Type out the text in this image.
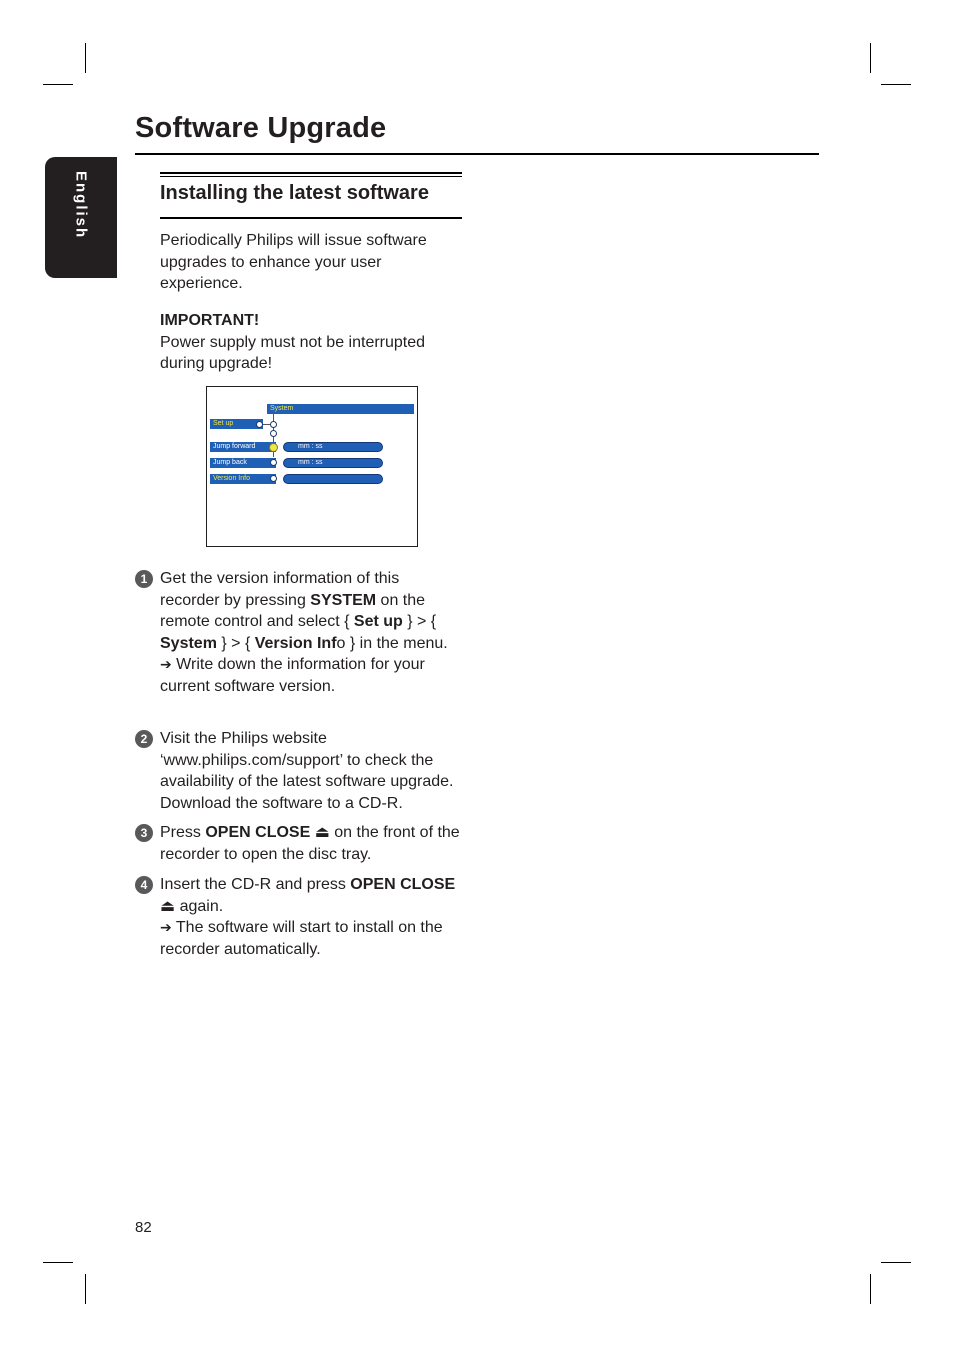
Software Upgrade
English	Installing the latest software

Periodically Philips will issue software upgrades to enhance your user experience.

IMPORTANT!
Power supply must not be interrupted during upgrade!

System
Set up
Jump forward	mm : ss
Jump back	mm : ss
Version Info
1 Get the version information of this recorder by pressing SYSTEM on the remote control and select { Set up } > { System } > { Version Info } in the menu.
➔ Write down the information for your current software version.
2 Visit the Philips website ‘www.philips.com/support’ to check the availability of the latest software upgrade. Download the software to a CD-R.
3 Press OPEN CLOSE ⏏ on the front of the recorder to open the disc tray.
4 Insert the CD-R and press OPEN CLOSE ⏏ again.
➔ The software will start to install on the recorder automatically.
82
